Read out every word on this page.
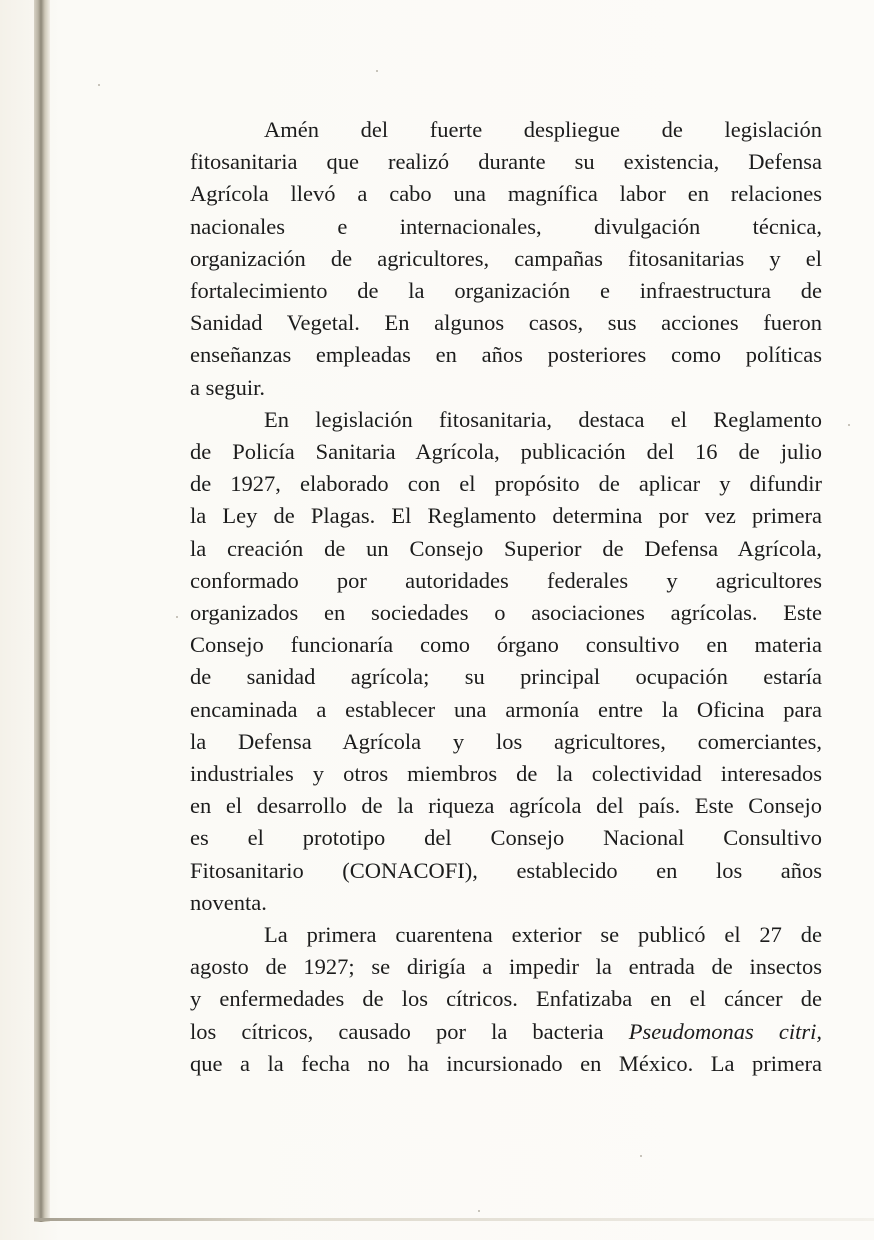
Amén del fuerte despliegue de legislación
fitosanitaria que realizó durante su existencia, Defensa
Agrícola llevó a cabo una magnífica labor en relaciones
nacionales e internacionales, divulgación técnica,
organización de agricultores, campañas fitosanitarias y el
fortalecimiento de la organización e infraestructura de
Sanidad Vegetal. En algunos casos, sus acciones fueron
enseñanzas empleadas en años posteriores como políticas
a seguir.
En legislación fitosanitaria, destaca el Reglamento
de Policía Sanitaria Agrícola, publicación del 16 de julio
de 1927, elaborado con el propósito de aplicar y difundir
la Ley de Plagas. El Reglamento determina por vez primera
la creación de un Consejo Superior de Defensa Agrícola,
conformado por autoridades federales y agricultores
organizados en sociedades o asociaciones agrícolas. Este
Consejo funcionaría como órgano consultivo en materia
de sanidad agrícola; su principal ocupación estaría
encaminada a establecer una armonía entre la Oficina para
la Defensa Agrícola y los agricultores, comerciantes,
industriales y otros miembros de la colectividad interesados
en el desarrollo de la riqueza agrícola del país. Este Consejo
es el prototipo del Consejo Nacional Consultivo
Fitosanitario (CONACOFI), establecido en los años
noventa.
La primera cuarentena exterior se publicó el 27 de
agosto de 1927; se dirigía a impedir la entrada de insectos
y enfermedades de los cítricos. Enfatizaba en el cáncer de
los cítricos, causado por la bacteria Pseudomonas citri,
que a la fecha no ha incursionado en México. La primera
